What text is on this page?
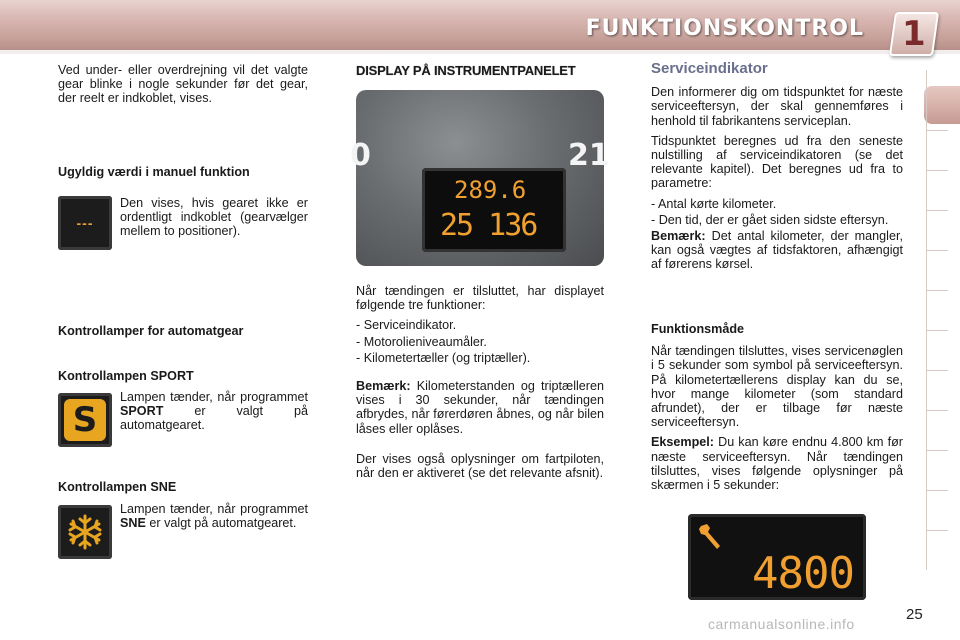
FUNKTIONSKONTROL 1
Ved under- eller overdrejning vil det valgte gear blinke i nogle sekunder før det gear, der reelt er indkoblet, vises.
Ugyldig værdi i manuel funktion
---
Den vises, hvis gearet ikke er ordentligt indkoblet (gearvælger mellem to positioner).
Kontrollamper for automatgear
Kontrollampen SPORT
S
Lampen tænder, når programmet SPORT er valgt på automatgearet.
Kontrollampen SNE
Lampen tænder, når programmet SNE er valgt på automatgearet.
DISPLAY PÅ INSTRUMENTPANELET
0	21
289.6
25 136

Når tændingen er tilsluttet, har displayet følgende tre funktioner:

- Serviceindikator.
- Motorolieniveaumåler.
- Kilometertæller (og triptæller).

Bemærk: Kilometerstanden og triptælleren vises i 30 sekunder, når tændingen afbrydes, når førerdøren åbnes, og når bilen låses eller oplåses.

Der vises også oplysninger om fartpiloten, når den er aktiveret (se det relevante afsnit).

Serviceindikator

Den informerer dig om tidspunktet for næste serviceeftersyn, der skal gennemføres i henhold til fabrikantens serviceplan.

Tidspunktet beregnes ud fra den seneste nulstilling af serviceindikatoren (se det relevante kapitel). Det beregnes ud fra to parametre:

- Antal kørte kilometer.
- Den tid, der er gået siden sidste eftersyn.

Bemærk: Det antal kilometer, der mangler, kan også vægtes af tidsfaktoren, afhængigt af førerens kørsel.

Funktionsmåde

Når tændingen tilsluttes, vises servicenøglen i 5 sekunder som symbol på serviceeftersyn. På kilometertællerens display kan du se, hvor mange kilometer (som standard afrundet), der er tilbage før næste serviceeftersyn.

Eksempel: Du kan køre endnu 4.800 km før næste serviceeftersyn. Når tændingen tilsluttes, vises følgende oplysninger på skærmen i 5 sekunder:

4800
25
carmanualsonline.info
